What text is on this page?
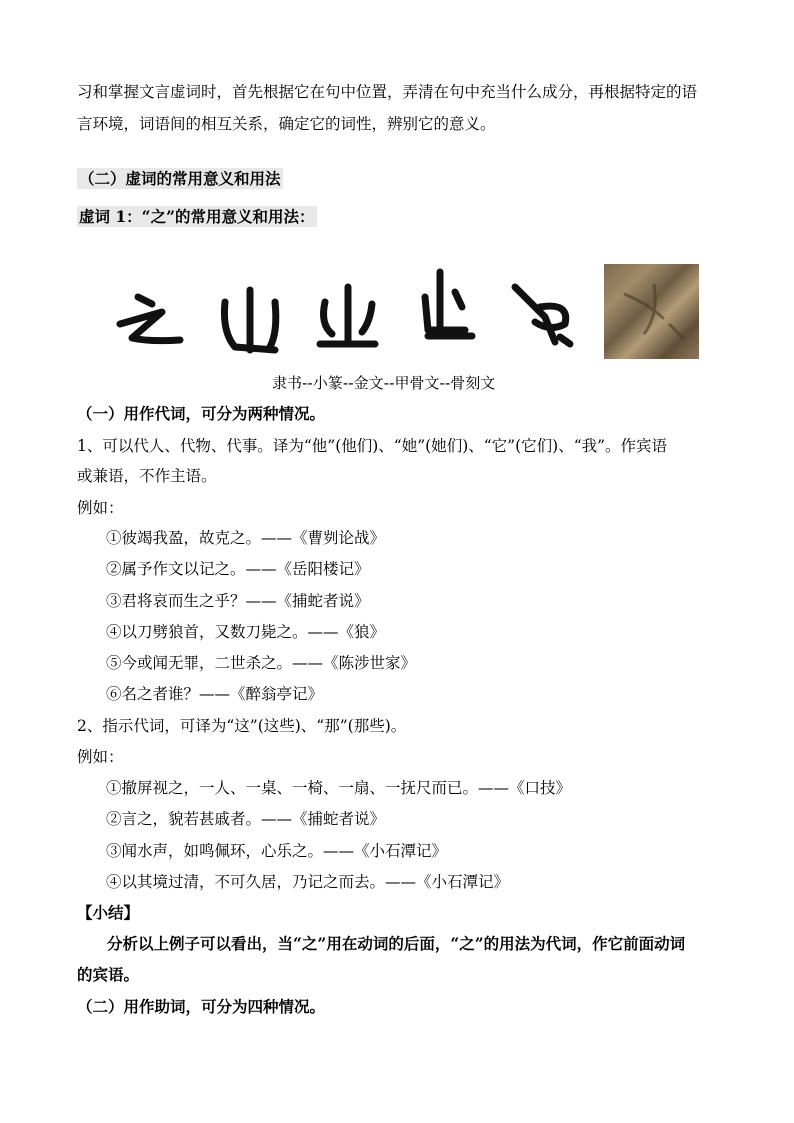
习和掌握文言虚词时，首先根据它在句中位置，弄清在句中充当什么成分，再根据特定的语
言环境，词语间的相互关系，确定它的词性，辨别它的意义。
（二）虚词的常用意义和用法
虚词 1：“之”的常用意义和用法：
隶书--小篆--金文--甲骨文--骨刻文
（一）用作代词，可分为两种情况。
1、可以代人、代物、代事。译为“他”(他们)、“她”(她们)、“它”(它们)、“我”。作宾语
或兼语，不作主语。
例如：
①彼竭我盈，故克之。——《曹刿论战》
②属予作文以记之。——《岳阳楼记》
③君将哀而生之乎？——《捕蛇者说》
④以刀劈狼首，又数刀毙之。——《狼》
⑤今或闻无罪，二世杀之。——《陈涉世家》
⑥名之者谁？——《醉翁亭记》
2、指示代词，可译为“这”(这些)、“那”(那些)。
例如：
①撤屏视之，一人、一桌、一椅、一扇、一抚尺而已。——《口技》
②言之，貌若甚戚者。——《捕蛇者说》
③闻水声，如鸣佩环，心乐之。——《小石潭记》
④以其境过清，不可久居，乃记之而去。——《小石潭记》
【小结】
分析以上例子可以看出，当“之”用在动词的后面，“之”的用法为代词，作它前面动词
的宾语。
（二）用作助词，可分为四种情况。
